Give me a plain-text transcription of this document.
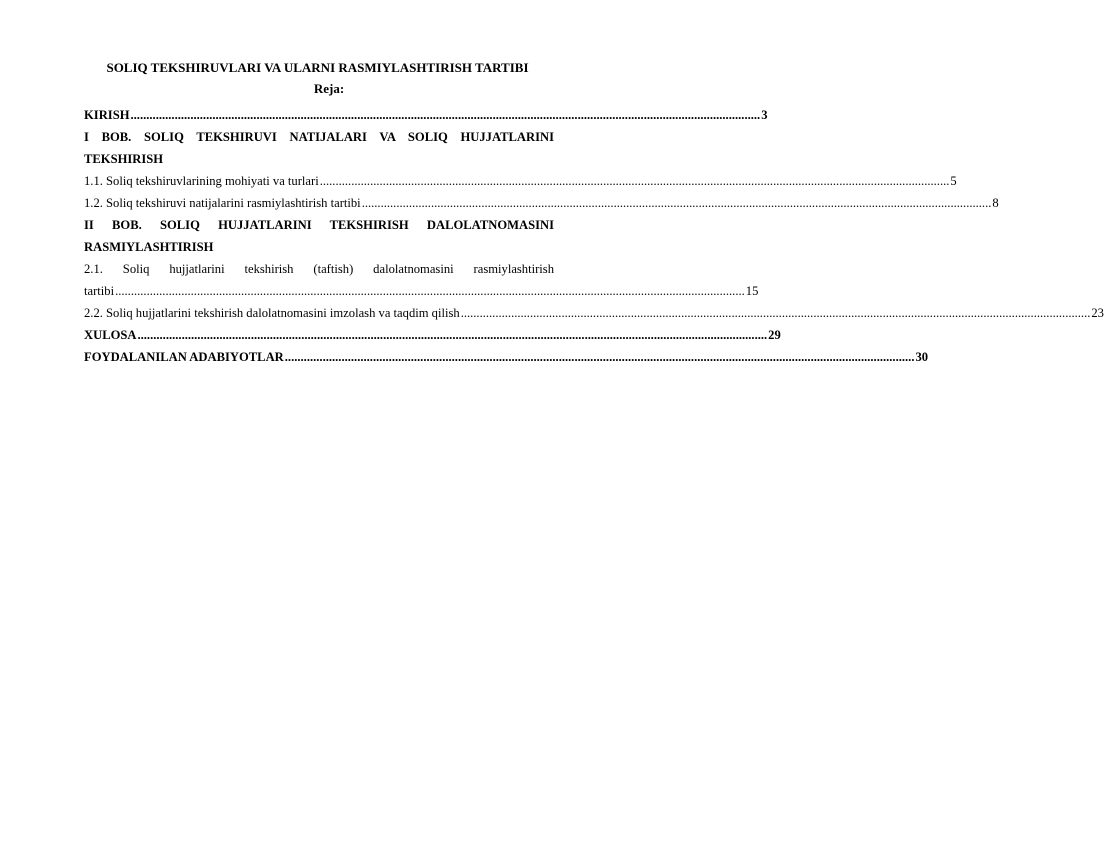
SOLIQ TEKSHIRUVLARI VA ULARNI RASMIYLASHTIRISH TARTIBI
Reja:
KIRISH ........................................................................................................................................................................................................ 3
I BOB. SOLIQ TEKSHIRUVI NATIJALARI VA SOLIQ HUJJATLARINI
TEKSHIRISH
1.1. Soliq tekshiruvlarining mohiyati va turlari ........................................................................................................................................................................................................ 5
1.2. Soliq tekshiruvi natijalarini rasmiylashtirish tartibi ........................................................................................................................................................................................................ 8
II BOB. SOLIQ HUJJATLARINI TEKSHIRISH DALOLATNOMASINI
RASMIYLASHTIRISH
2.1. Soliq hujjatlarini tekshirish (taftish) dalolatnomasini rasmiylashtirish
tartibi ........................................................................................................................................................................................................ 15
2.2. Soliq hujjatlarini tekshirish dalolatnomasini imzolash va taqdim qilish ........................................................................................................................................................................................................ 23
XULOSA ........................................................................................................................................................................................................ 29
FOYDALANILAN ADABIYOTLAR ........................................................................................................................................................................................................ 30
